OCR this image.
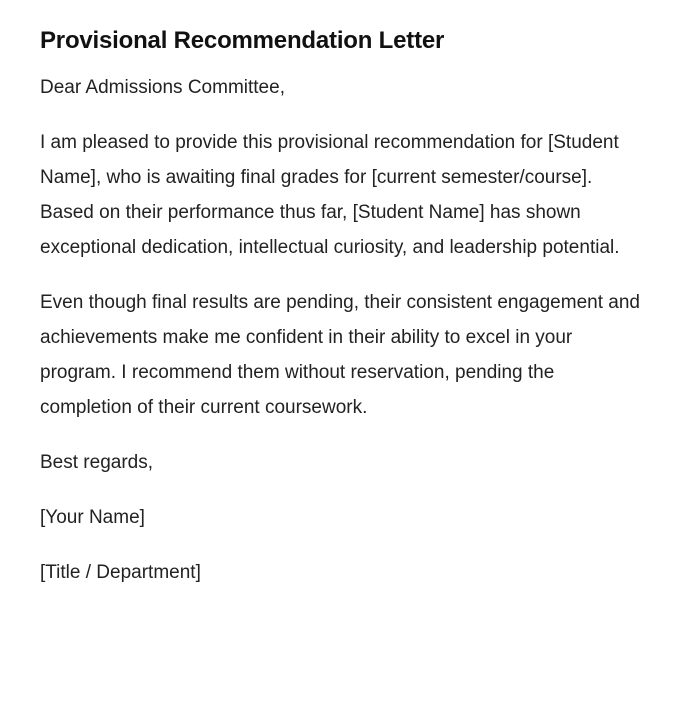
Provisional Recommendation Letter

Dear Admissions Committee,

I am pleased to provide this provisional recommendation for [Student Name], who is awaiting final grades for [current semester/course]. Based on their performance thus far, [Student Name] has shown exceptional dedication, intellectual curiosity, and leadership potential.

Even though final results are pending, their consistent engagement and achievements make me confident in their ability to excel in your program. I recommend them without reservation, pending the completion of their current coursework.

Best regards,

[Your Name]

[Title / Department]
